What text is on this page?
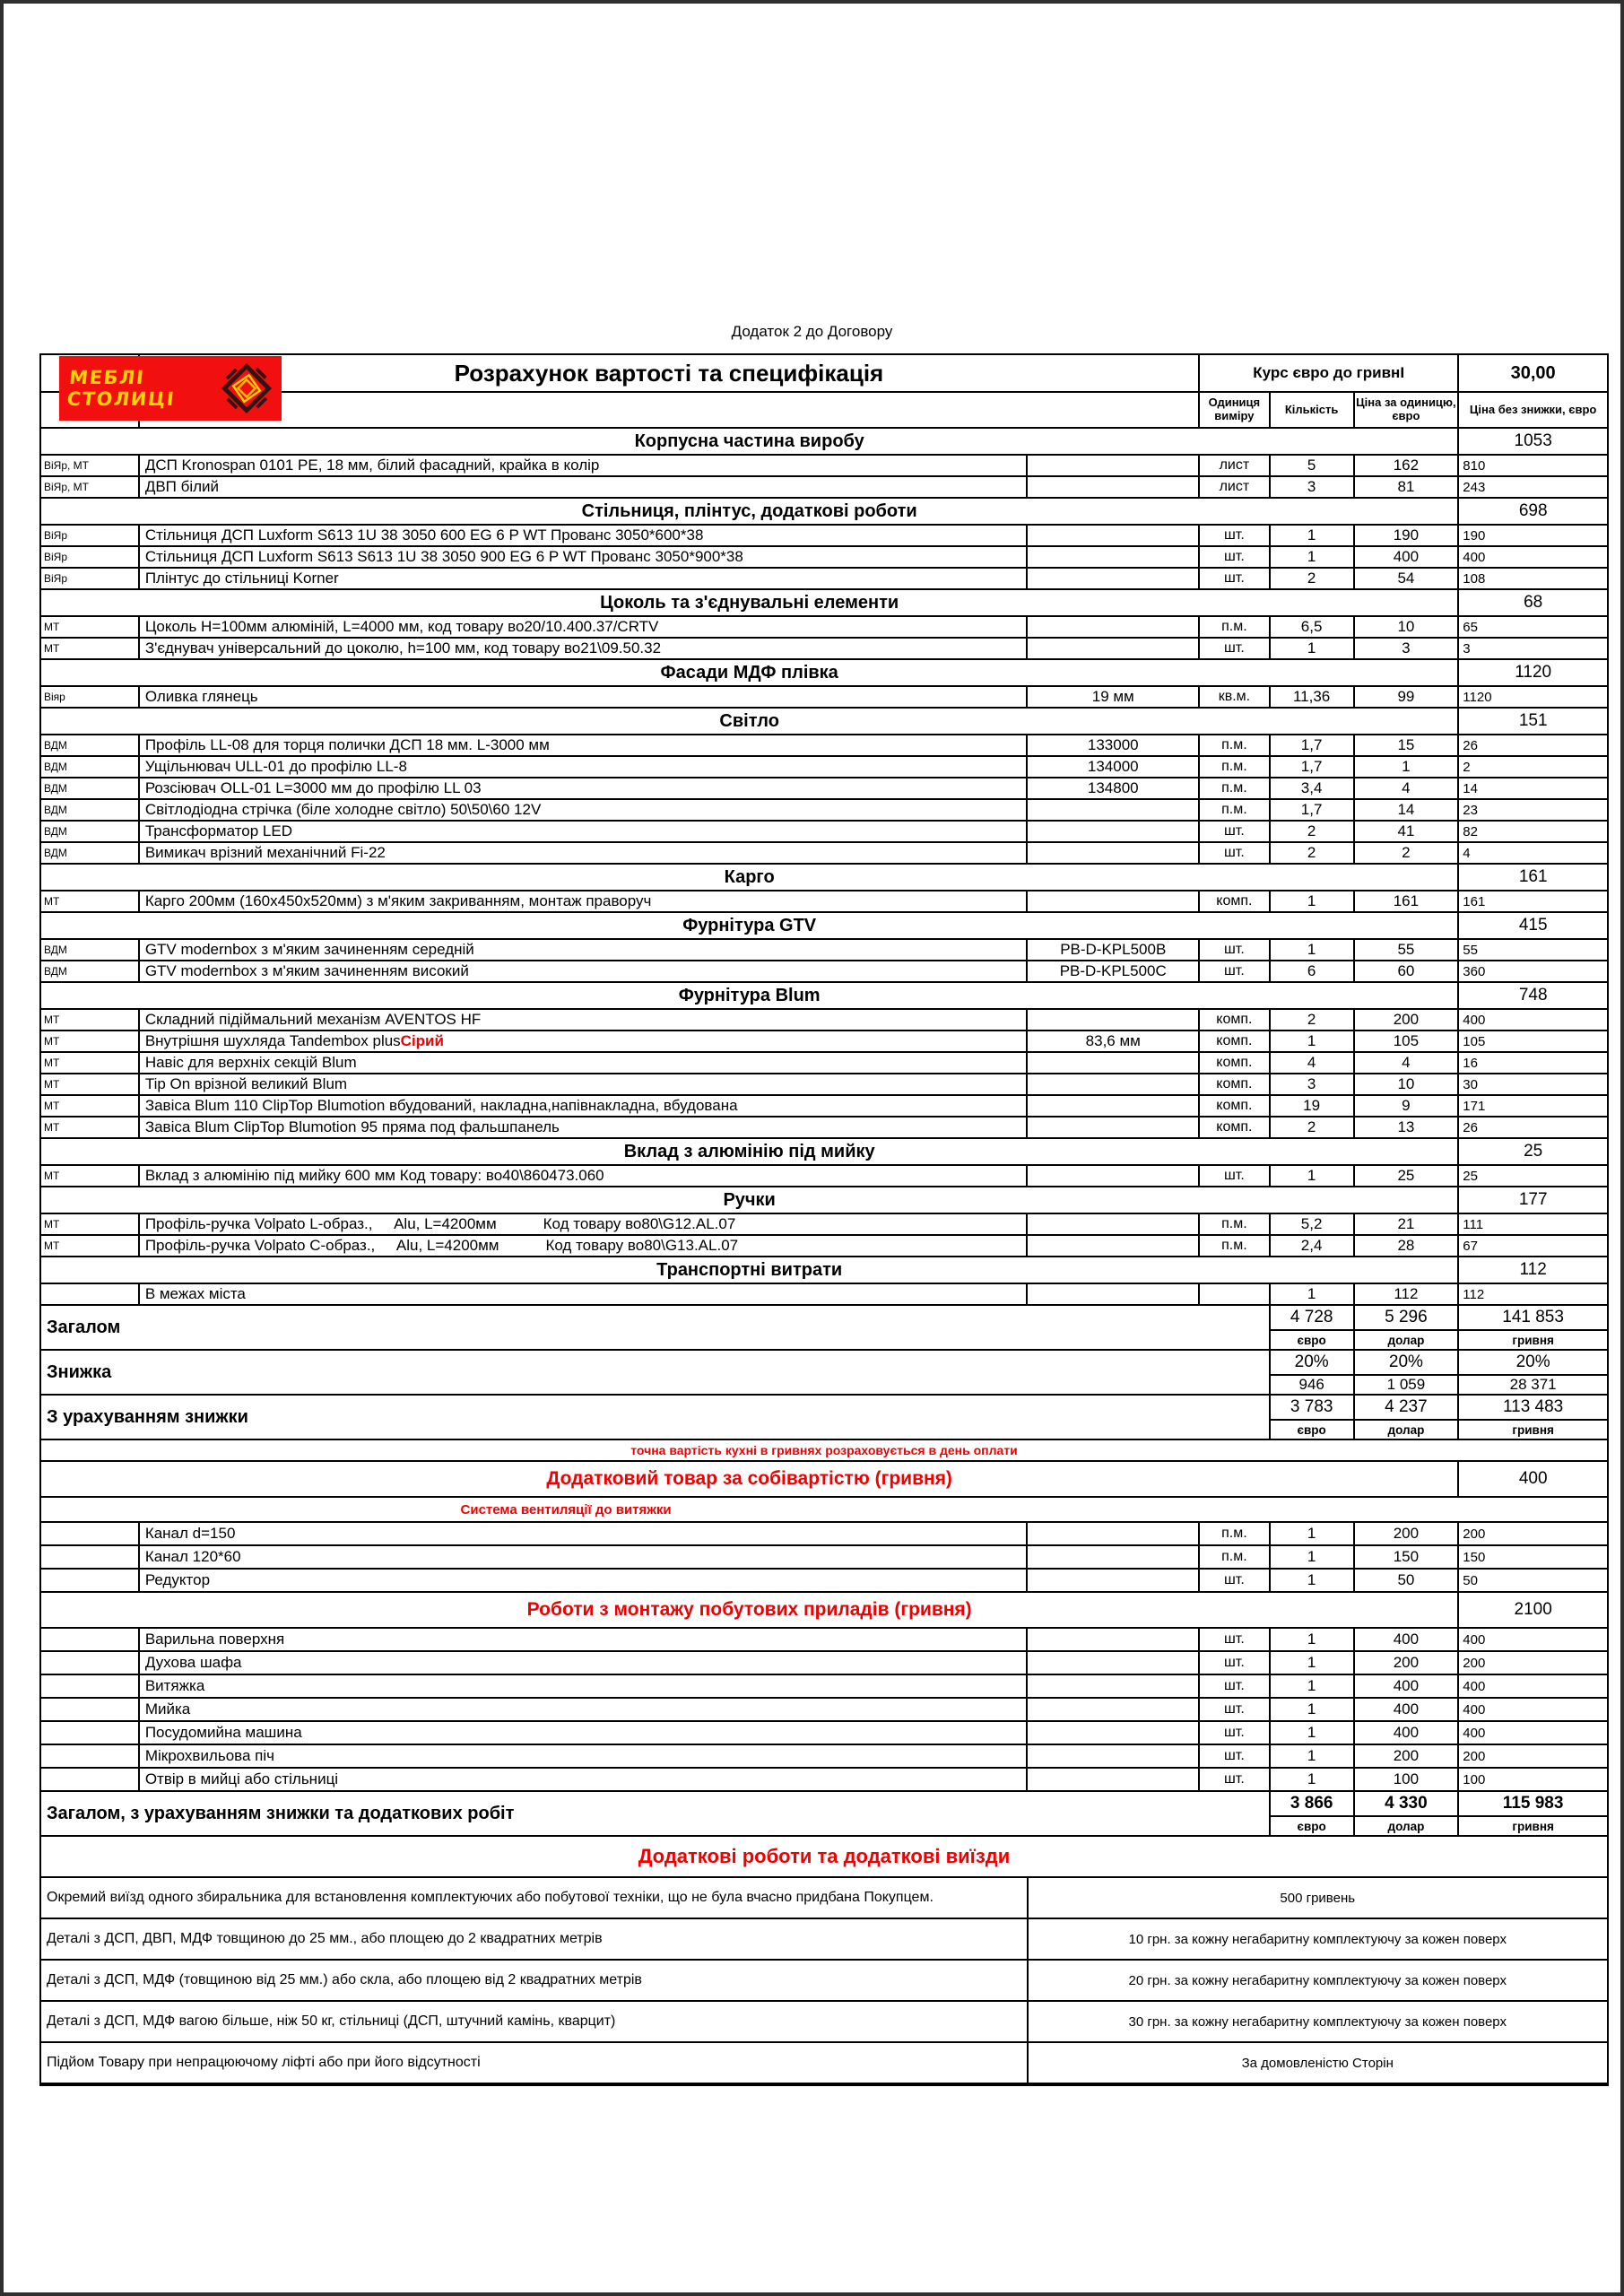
Додаток 2 до Договору
Розрахунок вартості та специфікація	Курс євро до гривнІ	30,00
Одиниця виміру	Кількість	Ціна за одиницю, євро	Ціна без знижки, євро
Корпусна частина виробу	1053
ВіЯр, МТ	ДСП Kronospan 0101 PE, 18 мм, білий фасадний, крайка в колір	лист	5	162	810
ВіЯр, МТ	ДВП білий	лист	3	81	243
Стільниця, плінтус, додаткові роботи	698
ВіЯр	Стільниця ДСП Luxform S613 1U 38 3050 600 EG 6 P WT Прованс 3050*600*38	шт.	1	190	190
ВіЯр	Стільниця ДСП Luxform S613 S613 1U 38 3050 900 EG 6 P WT Прованс 3050*900*38	шт.	1	400	400
ВіЯр	Плінтус до стільниці Korner	шт.	2	54	108
Цоколь та з'єднувальні елементи	68
МТ	Цоколь H=100мм алюміній, L=4000 мм, код товару во20/10.400.37/CRTV	п.м.	6,5	10	65
МТ	З'єднувач універсальний до цоколю, h=100 мм, код товару во21\09.50.32	шт.	1	3	3
Фасади МДФ плівка	1120
Віяр	Оливка глянець	19 мм	кв.м.	11,36	99	1120
Світло	151
ВДМ	Профіль LL-08 для торця полички ДСП 18 мм. L-3000 мм	133000	п.м.	1,7	15	26
ВДМ	Ущільнювач ULL-01 до профілю LL-8	134000	п.м.	1,7	1	2
ВДМ	Розсіювач OLL-01 L=3000 мм до профілю LL 03	134800	п.м.	3,4	4	14
ВДМ	Світлодіодна стрічка (біле холодне світло) 50\50\60 12V	п.м.	1,7	14	23
ВДМ	Трансформатор LED	шт.	2	41	82
ВДМ	Вимикач врізний механічний Fi-22	шт.	2	2	4
Карго	161
МТ	Карго 200мм (160х450х520мм) з м'яким закриванням, монтаж праворуч	комп.	1	161	161
Фурнітура GTV	415
ВДМ	GTV modernbox з м'яким зачиненням середній	PB-D-KPL500B	шт.	1	55	55
ВДМ	GTV modernbox з м'яким зачиненням високий	PB-D-KPL500C	шт.	6	60	360
Фурнітура Blum	748
МТ	Складний підіймальний механізм AVENTOS HF	комп.	2	200	400
МТ	Внутрішня шухляда Tandembox plus Сірий	83,6 мм	комп.	1	105	105
МТ	Навіс для верхніх секцій Blum	комп.	4	4	16
МТ	Tip On врізной великий Blum	комп.	3	10	30
МТ	Завіса Blum 110 ClipTop Blumotion вбудований, накладна,напівнакладна, вбудована	комп.	19	9	171
МТ	Завіса Blum ClipTop Blumotion 95 пряма под фальшпанель	комп.	2	13	26
Вклад з алюмінію під мийку	25
МТ	Вклад з алюмінію під мийку 600 мм Код товару: во40\860473.060	шт.	1	25	25
Ручки	177
МТ	Профіль-ручка Volpato L-образ.,     Alu, L=4200мм           Код товару во80\G12.AL.07	п.м.	5,2	21	111
МТ	Профіль-ручка Volpato C-образ.,     Alu, L=4200мм           Код товару во80\G13.AL.07	п.м.	2,4	28	67
Транспортні витрати	112
В межах міста	1	112	112
Загалом	4 728	5 296	141 853
євро	долар	гривня
Знижка	20%	20%	20%
946	1 059	28 371
З урахуванням знижки	3 783	4 237	113 483
євро	долар	гривня
точна вартість кухні в гривнях розраховується в день оплати
Додатковий товар за собівартістю (гривня)	400
Система вентиляції до витяжки
Канал d=150	п.м.	1	200	200
Канал 120*60	п.м.	1	150	150
Редуктор	шт.	1	50	50
Роботи з монтажу побутових приладів (гривня)	2100
Варильна поверхня	шт.	1	400	400
Духова шафа	шт.	1	200	200
Витяжка	шт.	1	400	400
Мийка	шт.	1	400	400
Посудомийна машина	шт.	1	400	400
Мікрохвильова піч	шт.	1	200	200
Отвір в мийці або стільниці	шт.	1	100	100
Загалом, з урахуванням знижки та додаткових робіт	3 866	4 330	115 983
євро	долар	гривня
Додаткові роботи та додаткові виїзди
Окремий виїзд одного збиральника для встановлення комплектуючих або побутової техніки, що не була вчасно придбана Покупцем.	500 гривень
Деталі з ДСП, ДВП, МДФ товщиною до 25 мм., або площею до 2 квадратних метрів	10 грн. за кожну негабаритну комплектуючу за кожен поверх
Деталі з ДСП, МДФ (товщиною від 25 мм.) або скла, або площею від 2 квадратних метрів	20 грн. за кожну негабаритну комплектуючу за кожен поверх
Деталі з ДСП, МДФ вагою більше, ніж 50 кг, стільниці (ДСП, штучний камінь, кварцит)	30 грн. за кожну негабаритну комплектуючу за кожен поверх
Підйом Товару при непрацюючому ліфті або при його відсутності	За домовленістю Сторін
МЕБЛІ
СТОЛИЦІ
